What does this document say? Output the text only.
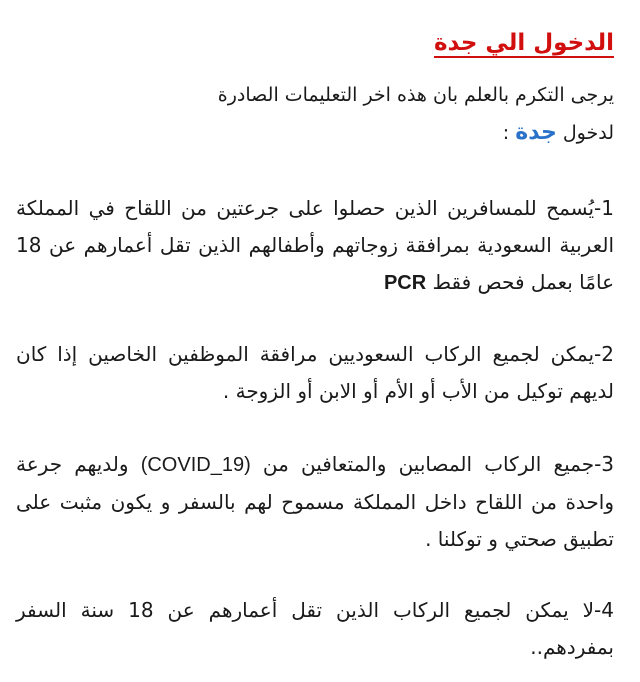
الدخول الي جدة
يرجى التكرم بالعلم بان هذه اخر التعليمات الصادرة
لدخول جدة :

1-يُسمح للمسافرين الذين حصلوا على جرعتين من اللقاح في المملكة العربية السعودية بمرافقة زوجاتهم وأطفالهم الذين تقل أعمارهم عن 18 عامًا بعمل فحص فقط PCR

2-يمكن لجميع الركاب السعوديين مرافقة الموظفين الخاصين إذا كان لديهم توكيل من الأب أو الأم أو الابن أو الزوجة .

3-جميع الركاب المصابين والمتعافين من (COVID_19) ولديهم جرعة واحدة من اللقاح داخل المملكة مسموح لهم بالسفر و يكون مثبت على تطبيق صحتي و توكلنا .

4-لا يمكن لجميع الركاب الذين تقل أعمارهم عن 18 سنة السفر بمفردهم..
